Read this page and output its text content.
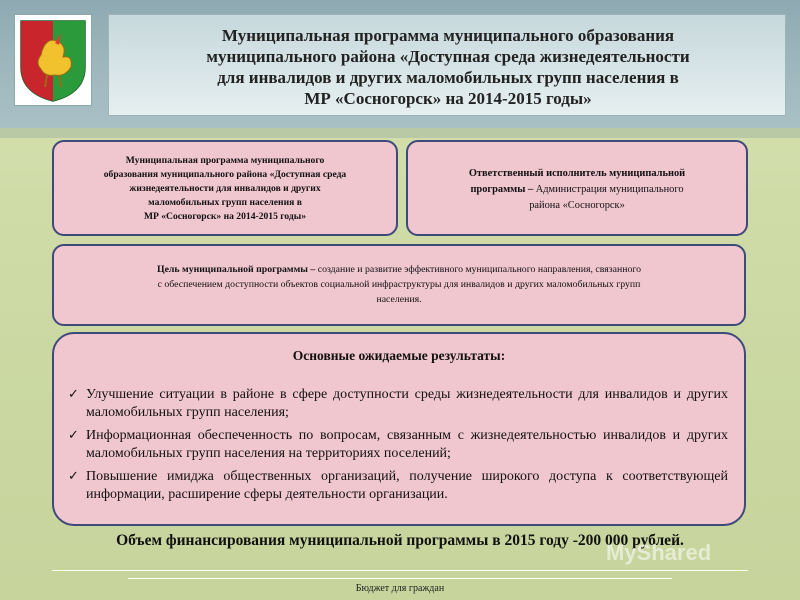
Муниципальная программа муниципального образования
муниципального района «Доступная среда жизнедеятельности
для инвалидов и других маломобильных групп населения в
МР «Сосногорск» на 2014-2015 годы»
Муниципальная программа муниципального
образования муниципального района «Доступная среда
жизнедеятельности для инвалидов и других
маломобильных групп населения в
МР «Сосногорск» на 2014-2015 годы»
Ответственный исполнитель муниципальной
программы – Администрация муниципального
района «Сосногорск»
Цель муниципальной программы – создание и развитие эффективного муниципального направления, связанного
с обеспечением доступности объектов социальной инфраструктуры для инвалидов и других маломобильных групп
населения.
Основные ожидаемые результаты:
✓ Улучшение ситуации в районе в сфере доступности среды жизнедеятельности для инвалидов и других маломобильных групп населения;
✓ Информационная обеспеченность по вопросам, связанным с жизнедеятельностью инвалидов и других маломобильных групп населения на территориях поселений;
✓ Повышение имиджа общественных организаций, получение широкого доступа к соответствующей информации, расширение сферы деятельности организации.
Объем финансирования муниципальной программы в 2015 году -200 000 рублей.
MyShared
Бюджет для граждан
